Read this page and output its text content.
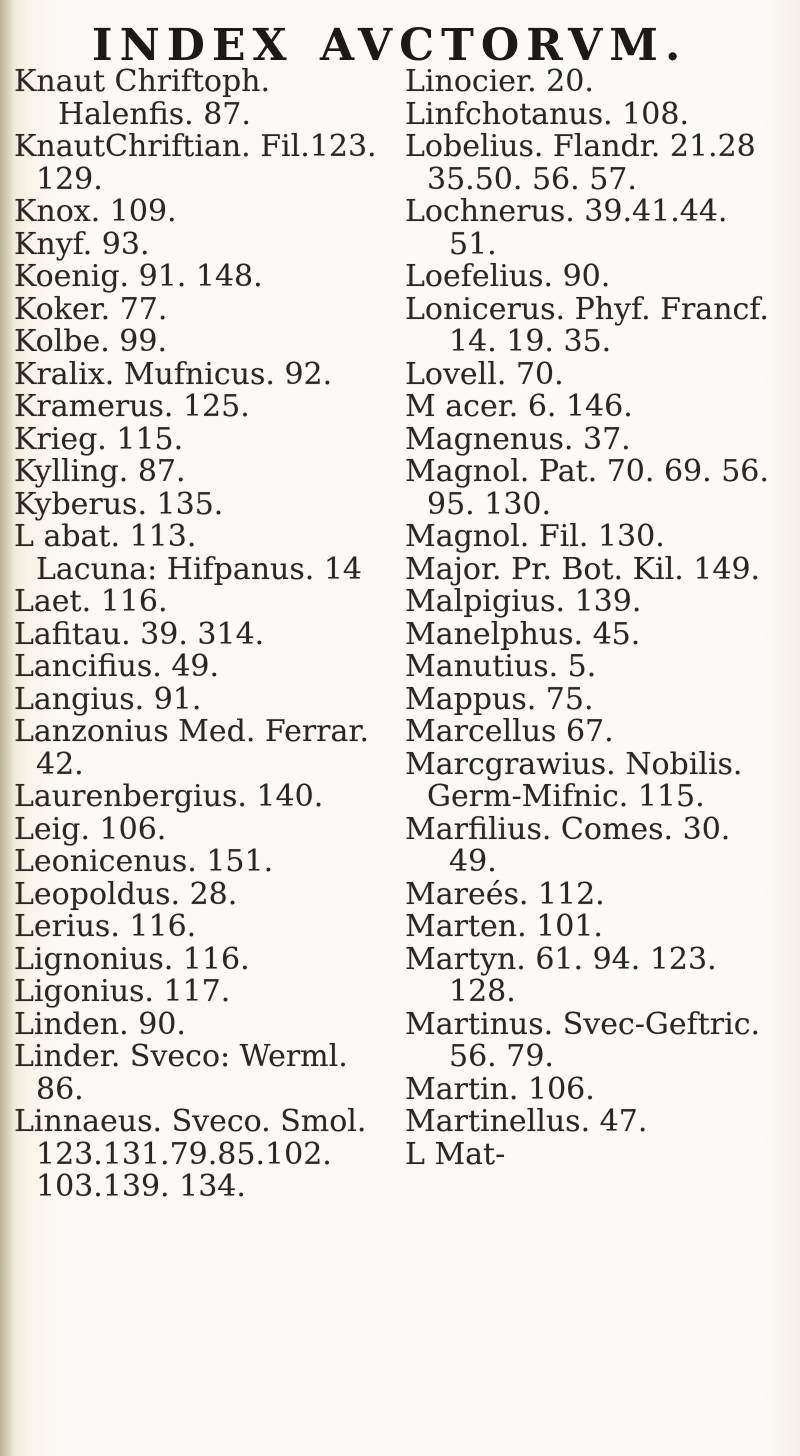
INDEX AVCTORVM.
Knaut Chriftoph.
Halenfis. 87.
KnautChriftian. Fil.123.
129.
Knox. 109.
Knyf. 93.
Koenig. 91. 148.
Koker. 77.
Kolbe. 99.
Kralix. Mufnicus. 92.
Kramerus. 125.
Krieg. 115.
Kylling. 87.
Kyberus. 135.
L abat. 113.
Lacuna: Hifpanus. 14
Laet. 116.
Lafitau. 39. 314.
Lancifius. 49.
Langius. 91.
Lanzonius Med. Ferrar.
42.
Laurenbergius. 140.
Leig. 106.
Leonicenus. 151.
Leopoldus. 28.
Lerius. 116.
Lignonius. 116.
Ligonius. 117.
Linden. 90.
Linder. Sveco: Werml.
86.
Linnaeus. Sveco. Smol.
123.131.79.85.102.
103.139. 134.
Linocier. 20.
Linfchotanus. 108.
Lobelius. Flandr. 21.28
35.50. 56. 57.
Lochnerus. 39.41.44.
51.
Loefelius. 90.
Lonicerus. Phyf. Francf.
14. 19. 35.
Lovell. 70.
M acer. 6. 146.
Magnenus. 37.
Magnol. Pat. 70. 69. 56.
95. 130.
Magnol. Fil. 130.
Major. Pr. Bot. Kil. 149.
Malpigius. 139.
Manelphus. 45.
Manutius. 5.
Mappus. 75.
Marcellus 67.
Marcgrawius. Nobilis.
Germ-Mifnic. 115.
Marfilius. Comes. 30.
49.
Mareés. 112.
Marten. 101.
Martyn. 61. 94. 123.
128.
Martinus. Svec-Geftric.
56. 79.
Martin. 106.
Martinellus. 47.
L Mat-
